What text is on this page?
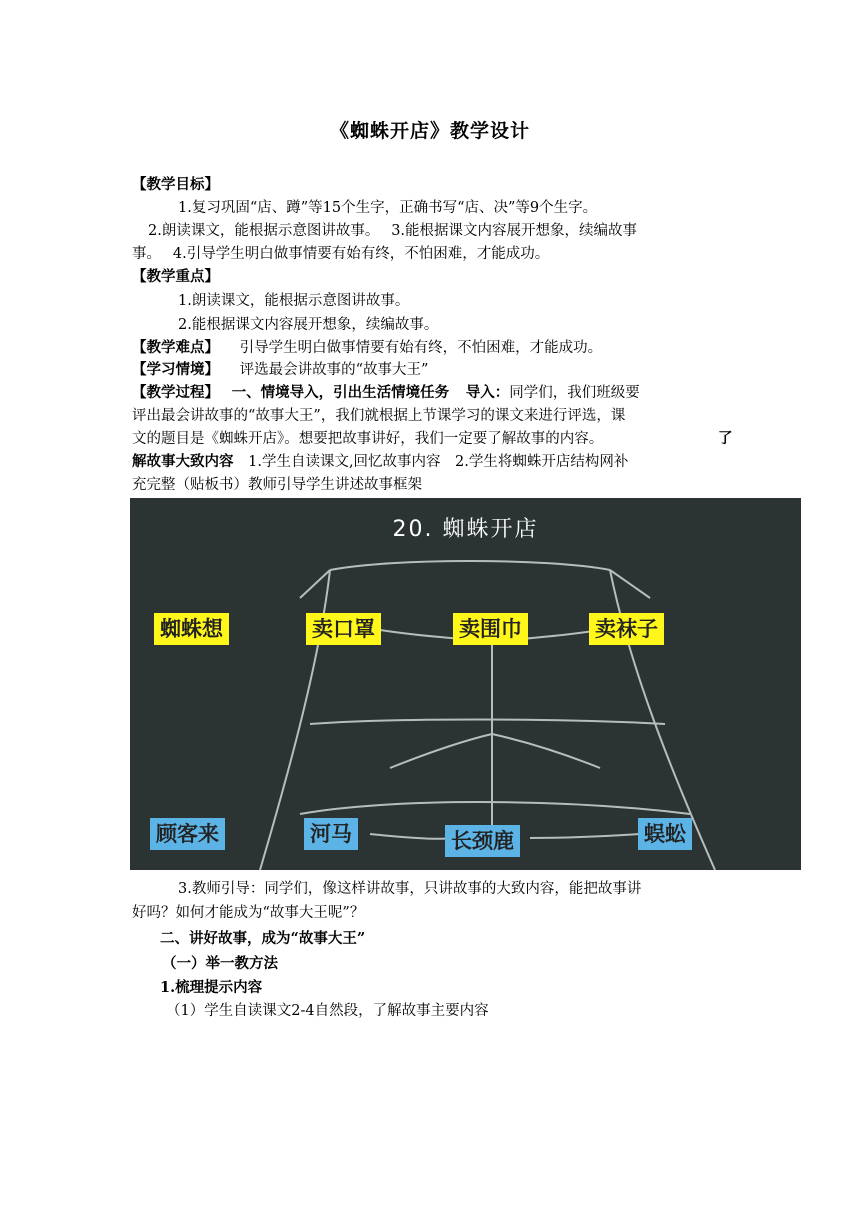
《蜘蛛开店》教学设计
【教学目标】
1.复习巩固“店、蹲”等15个生字，正确书写“店、决”等9个生字。
2.朗读课文，能根据示意图讲故事。　 3.能根据课文内容展开想象，续编故事
事。　 4.引导学生明白做事情要有始有终，不怕困难，才能成功。
【教学重点】
1.朗读课文，能根据示意图讲故事。
2.能根据课文内容展开想象，续编故事。
【教学难点】 引导学生明白做事情要有始有终，不怕困难，才能成功。
【学习情境】 评选最会讲故事的“故事大王”
【教学过程】 一、情境导入，引出生活情境任务 导入：同学们，我们班级要
评出最会讲故事的“故事大王”，我们就根据上节课学习的课文来进行评选，课
文的题目是《蜘蛛开店》。想要把故事讲好，我们一定要了解故事的内容。	了
解故事大致内容 1.学生自读课文,回忆故事内容　2.学生将蜘蛛开店结构网补
充完整（贴板书）教师引导学生讲述故事框架
20. 蜘蛛开店
蜘蛛想	卖口罩	卖围巾	卖袜子
顾客来	河马	长颈鹿	蜈蚣
3.教师引导：同学们，像这样讲故事，只讲故事的大致内容，能把故事讲
好吗？如何才能成为“故事大王呢”？
二、讲好故事，成为“故事大王”
（一）举一教方法
1.梳理提示内容
（1）学生自读课文2-4自然段，了解故事主要内容
